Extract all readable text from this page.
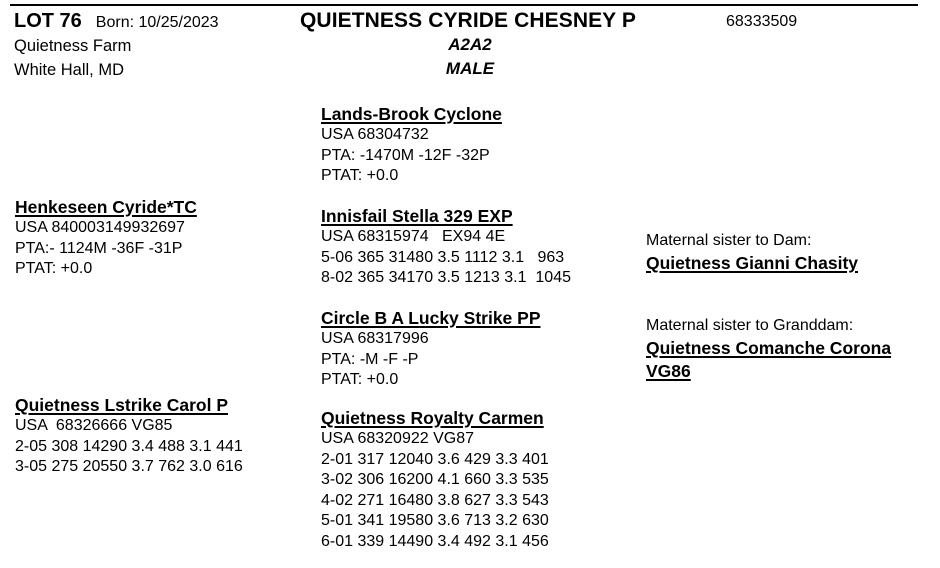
LOT 76 Born: 10/25/2023
Quietness Farm
White Hall, MD
QUIETNESS CYRIDE CHESNEY P	68333509
A2A2
MALE
Lands-Brook Cyclone
USA 68304732
PTA: -1470M -12F -32P
PTAT: +0.0
Henkeseen Cyride*TC
USA 840003149932697
PTA:- 1124M -36F -31P
PTAT: +0.0
Innisfail Stella 329 EXP
USA 68315974   EX94 4E
5-06 365 31480 3.5 1112 3.1   963
8-02 365 34170 3.5 1213 3.1  1045
Maternal sister to Dam:
Quietness Gianni Chasity
Circle B A Lucky Strike PP
USA 68317996
PTA: -M -F -P
PTAT: +0.0
Maternal sister to Granddam:
Quietness Comanche Corona
VG86
Quietness Lstrike Carol P
USA  68326666 VG85
2-05 308 14290 3.4 488 3.1 441
3-05 275 20550 3.7 762 3.0 616
Quietness Royalty Carmen
USA 68320922 VG87
2-01 317 12040 3.6 429 3.3 401
3-02 306 16200 4.1 660 3.3 535
4-02 271 16480 3.8 627 3.3 543
5-01 341 19580 3.6 713 3.2 630
6-01 339 14490 3.4 492 3.1 456
